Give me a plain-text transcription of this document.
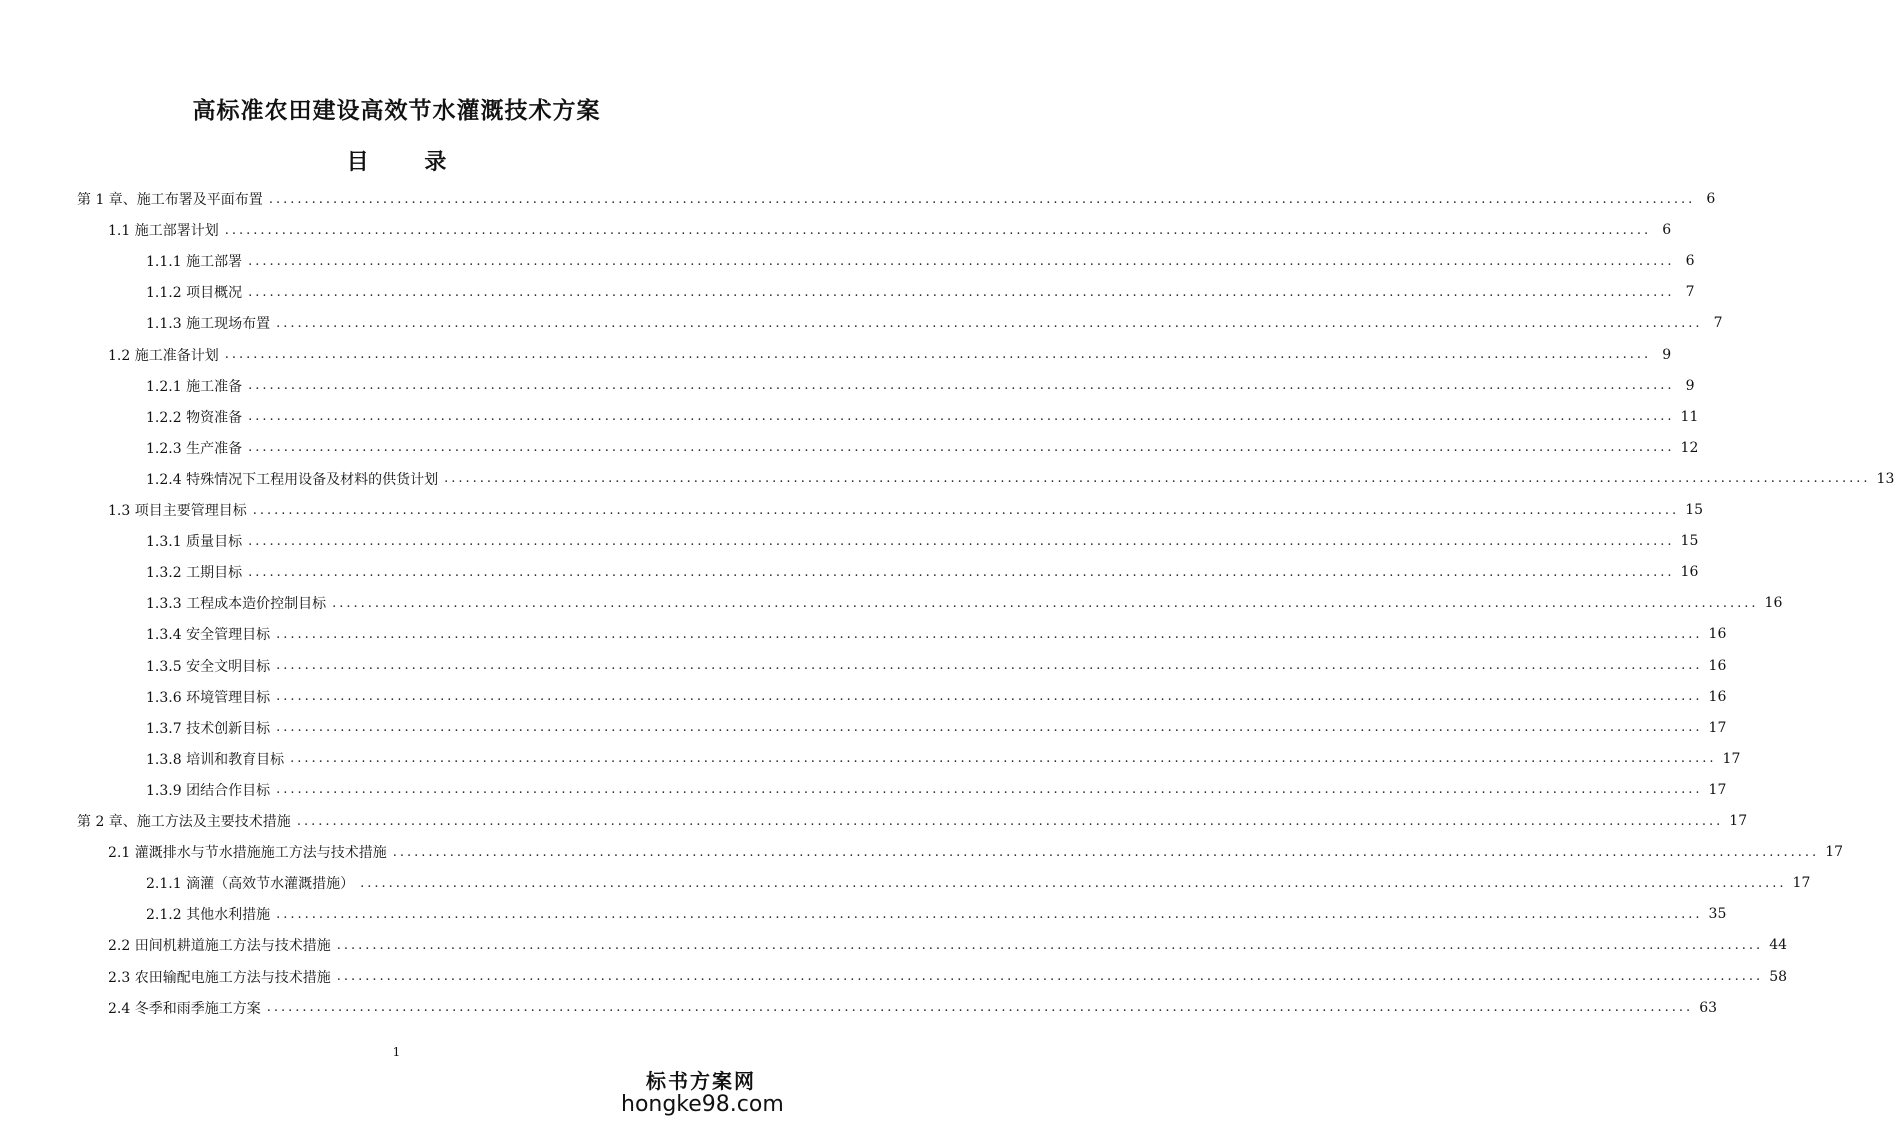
高标准农田建设高效节水灌溉技术方案
目 录
第 1 章、施工布署及平面布置 ........................................................................................................................................................................................................ 6
1.1 施工部署计划 ........................................................................................................................................................................................................ 6
1.1.1 施工部署 ........................................................................................................................................................................................................ 6
1.1.2 项目概况 ........................................................................................................................................................................................................ 7
1.1.3 施工现场布置 ........................................................................................................................................................................................................ 7
1.2 施工准备计划 ........................................................................................................................................................................................................ 9
1.2.1 施工准备 ........................................................................................................................................................................................................ 9
1.2.2 物资准备 ........................................................................................................................................................................................................ 11
1.2.3 生产准备 ........................................................................................................................................................................................................ 12
1.2.4 特殊情况下工程用设备及材料的供货计划 ........................................................................................................................................................................................................ 13
1.3 项目主要管理目标 ........................................................................................................................................................................................................ 15
1.3.1 质量目标 ........................................................................................................................................................................................................ 15
1.3.2 工期目标 ........................................................................................................................................................................................................ 16
1.3.3 工程成本造价控制目标 ........................................................................................................................................................................................................ 16
1.3.4 安全管理目标 ........................................................................................................................................................................................................ 16
1.3.5 安全文明目标 ........................................................................................................................................................................................................ 16
1.3.6 环境管理目标 ........................................................................................................................................................................................................ 16
1.3.7 技术创新目标 ........................................................................................................................................................................................................ 17
1.3.8 培训和教育目标 ........................................................................................................................................................................................................ 17
1.3.9 团结合作目标 ........................................................................................................................................................................................................ 17
第 2 章、施工方法及主要技术措施 ........................................................................................................................................................................................................ 17
2.1 灌溉排水与节水措施施工方法与技术措施 ........................................................................................................................................................................................................ 17
2.1.1 滴灌（高效节水灌溉措施） ........................................................................................................................................................................................................ 17
2.1.2 其他水利措施 ........................................................................................................................................................................................................ 35
2.2 田间机耕道施工方法与技术措施 ........................................................................................................................................................................................................ 44
2.3 农田输配电施工方法与技术措施 ........................................................................................................................................................................................................ 58
2.4 冬季和雨季施工方案 ........................................................................................................................................................................................................ 63
1
标书方案网
hongke98.com
